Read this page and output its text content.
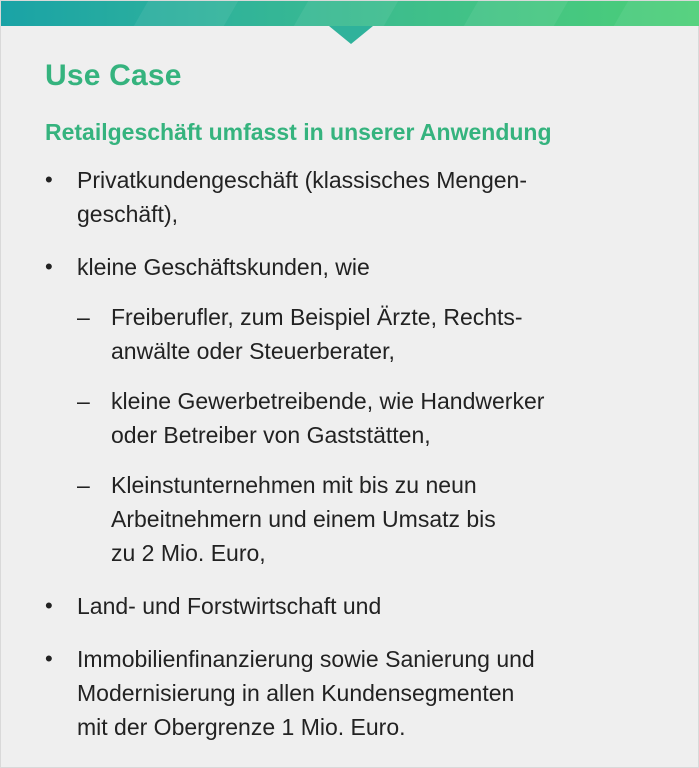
Use Case
Retailgeschäft umfasst in unserer Anwendung
• Privatkundengeschäft (klassisches Mengen-
geschäft),
• kleine Geschäftskunden, wie
– Freiberufler, zum Beispiel Ärzte, Rechts-
anwälte oder Steuerberater,
– kleine Gewerbetreibende, wie Handwerker
oder Betreiber von Gaststätten,
– Kleinstunternehmen mit bis zu neun
Arbeitnehmern und einem Umsatz bis
zu 2 Mio. Euro,
• Land- und Forstwirtschaft und
• Immobilienfinanzierung sowie Sanierung und
Modernisierung in allen Kundensegmenten
mit der Obergrenze 1 Mio. Euro.
